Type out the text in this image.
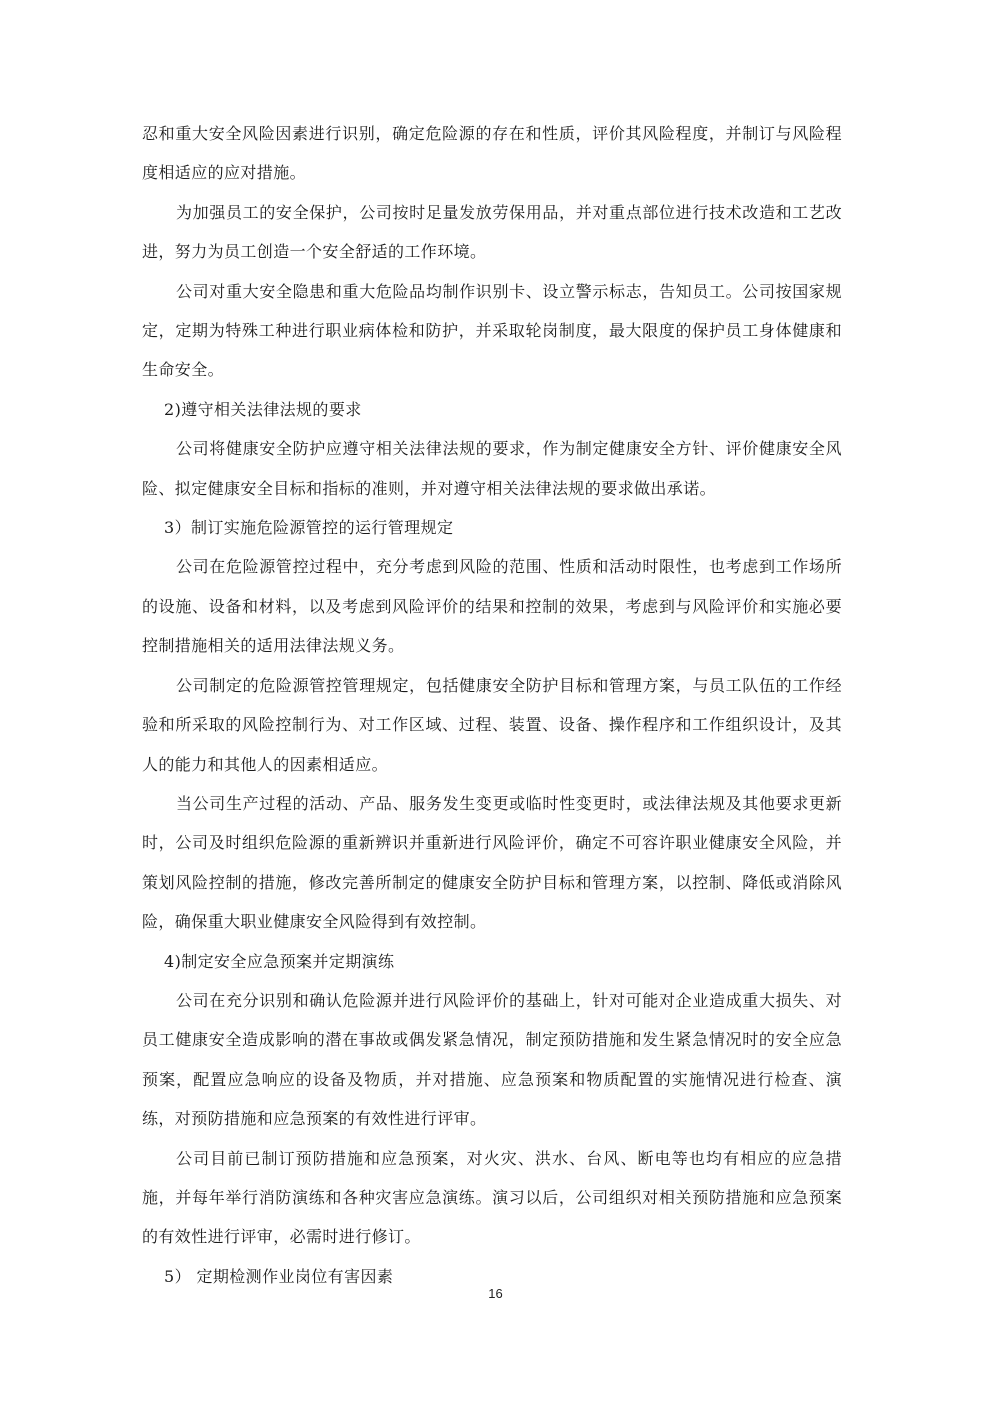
忍和重大安全风险因素进行识别，确定危险源的存在和性质，评价其风险程度，并制订与风险程度相适应的应对措施。

为加强员工的安全保护，公司按时足量发放劳保用品，并对重点部位进行技术改造和工艺改进，努力为员工创造一个安全舒适的工作环境。

公司对重大安全隐患和重大危险品均制作识别卡、设立警示标志，告知员工。公司按国家规定，定期为特殊工种进行职业病体检和防护，并采取轮岗制度，最大限度的保护员工身体健康和生命安全。

2)遵守相关法律法规的要求

公司将健康安全防护应遵守相关法律法规的要求，作为制定健康安全方针、评价健康安全风险、拟定健康安全目标和指标的准则，并对遵守相关法律法规的要求做出承诺。

3）制订实施危险源管控的运行管理规定

公司在危险源管控过程中，充分考虑到风险的范围、性质和活动时限性，也考虑到工作场所的设施、设备和材料，以及考虑到风险评价的结果和控制的效果，考虑到与风险评价和实施必要控制措施相关的适用法律法规义务。

公司制定的危险源管控管理规定，包括健康安全防护目标和管理方案，与员工队伍的工作经验和所采取的风险控制行为、对工作区域、过程、装置、设备、操作程序和工作组织设计，及其人的能力和其他人的因素相适应。

当公司生产过程的活动、产品、服务发生变更或临时性变更时，或法律法规及其他要求更新时，公司及时组织危险源的重新辨识并重新进行风险评价，确定不可容许职业健康安全风险，并策划风险控制的措施，修改完善所制定的健康安全防护目标和管理方案，以控制、降低或消除风险，确保重大职业健康安全风险得到有效控制。

4)制定安全应急预案并定期演练

公司在充分识别和确认危险源并进行风险评价的基础上，针对可能对企业造成重大损失、对员工健康安全造成影响的潜在事故或偶发紧急情况，制定预防措施和发生紧急情况时的安全应急预案，配置应急响应的设备及物质，并对措施、应急预案和物质配置的实施情况进行检查、演练，对预防措施和应急预案的有效性进行评审。

公司目前已制订预防措施和应急预案，对火灾、洪水、台风、断电等也均有相应的应急措施，并每年举行消防演练和各种灾害应急演练。演习以后，公司组织对相关预防措施和应急预案的有效性进行评审，必需时进行修订。

5） 定期检测作业岗位有害因素

16
